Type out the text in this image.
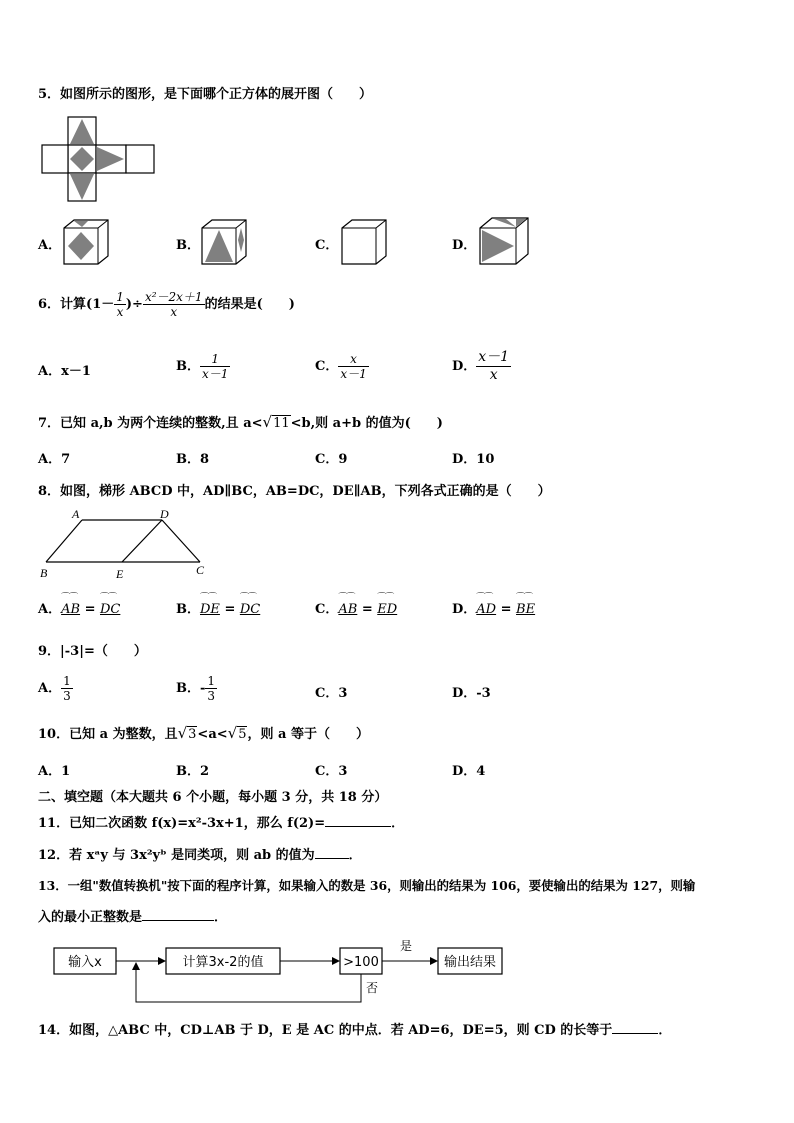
5．如图所示的图形，是下面哪个正方体的展开图（　　）
A．	B．	C．	D．
6．计算($1- \frac{1}{x}$ )÷ $\frac{\text{x²－2x＋1}}{x}$ 的结果是(　　)
A．x－1	B． $\frac{1}{x-1}$	C． $\frac{x}{x-1}$	D． $\frac{x-1}{x}$
7．已知 a,b 为两个连续的整数,且 a<√11<b,则 a+b 的值为(　　)
A．7	B．8	C．9	D．10
8．如图，梯形 ABCD 中，AD∥BC，AB=DC，DE∥AB，下列各式正确的是（　　）
A	D
B	E	C
A．⌒⌒ AB = ⌒⌒ DC	B．⌒⌒ DE = ⌒⌒ DC	C．⌒⌒ AB = ⌒⌒ ED	D．⌒⌒ AD = ⌒⌒ BE
9．|-3|=（　　）
A． $\frac{1}{3}$	B．- $\frac{1}{3}$	C．3	D．-3
10．已知 a 为整数，且√3<a<√5，则 a 等于（　　）
A．1	B．2	C．3	D．4
二、填空题（本大题共 6 个小题，每小题 3 分，共 18 分）
11．已知二次函数 f(x)=x²-3x+1，那么 f(2)=	．
12．若 xᵃy 与 3x²yᵇ 是同类项，则 ab 的值为	．
13．一组"数值转换机"按下面的程序计算，如果输入的数是 36，则输出的结果为 106，要使输出的结果为 127，则输
入的最小正整数是	．
输入x	计算3x-2的值	>100	输出结果
是
否
14．如图，△ABC 中，CD⊥AB 于 D，E 是 AC 的中点．若 AD=6，DE=5，则 CD 的长等于	．
